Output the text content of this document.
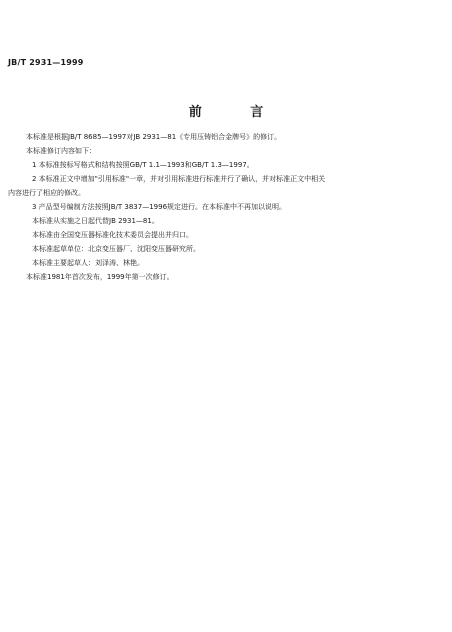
JB/T 2931—1999
前 言
本标准是根据JB/T 8685—1997对JB 2931—81《专用压铸铝合金牌号》的修订。
本标准修订内容如下：
1 本标准按标写格式和结构按照GB/T 1.1—1993和GB/T 1.3—1997。
2 本标准正文中增加"引用标准"一章，并对引用标准进行标准并行了确认，并对标准正文中相关
内容进行了相应的修改。
3 产品型号编制方法按照JB/T 3837—1996规定进行。在本标准中不再加以说明。
本标准从实施之日起代替JB 2931—81。
本标准由全国变压器标准化技术委员会提出并归口。
本标准起草单位：北京变压器厂、沈阳变压器研究所。
本标准主要起草人：刘泽涛、林艳。
本标准1981年首次发布，1999年第一次修订。
